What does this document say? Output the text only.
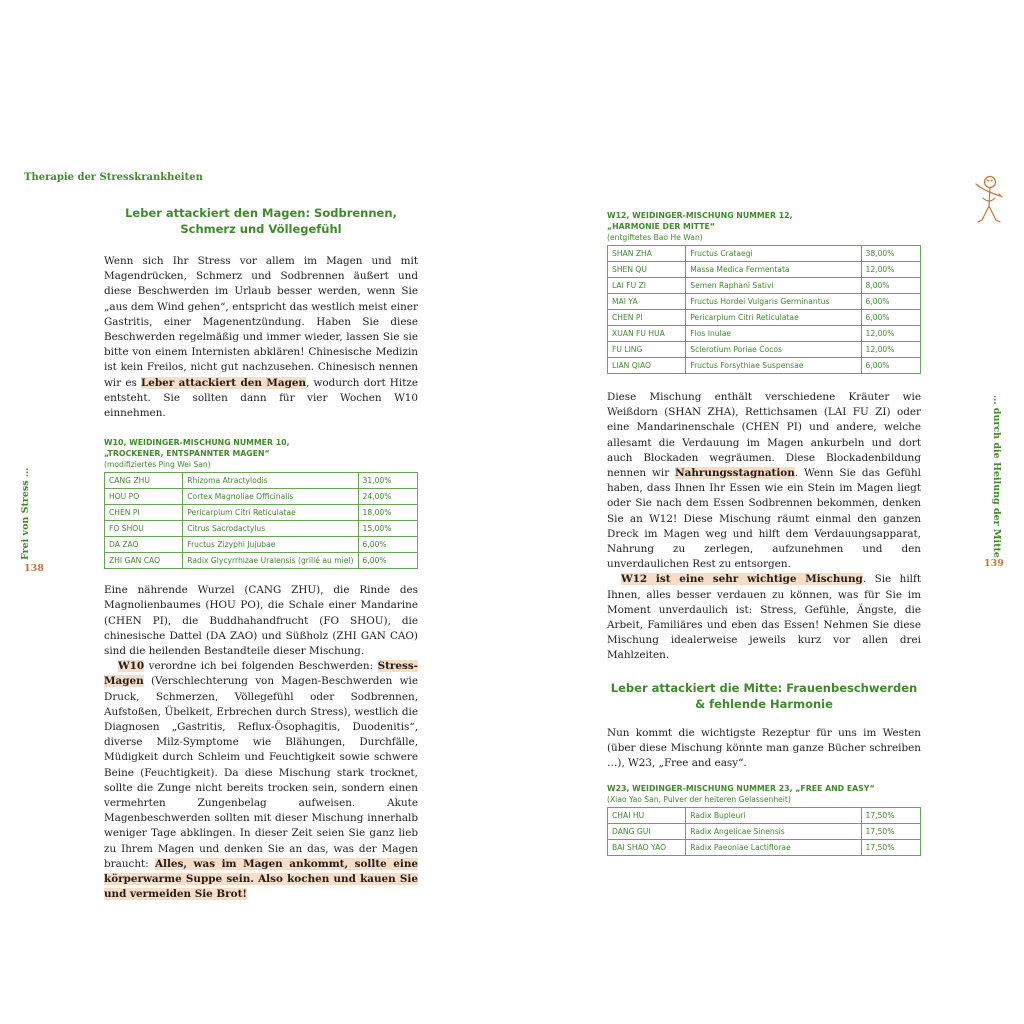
Therapie der Stresskrankheiten
Frei von Stress …
138
… durch die Heilung der Mitte
139
Leber attackiert den Magen: Sodbrennen,
Schmerz und Völlegefühl

Wenn sich Ihr Stress vor allem im Magen und mit Magendrücken, Schmerz und Sodbrennen äußert und diese Beschwerden im Urlaub besser werden, wenn Sie „aus dem Wind gehen“, entspricht das westlich meist einer Gastritis, einer Magenentzündung. Haben Sie diese Beschwerden regelmäßig und immer wieder, lassen Sie sie bitte von einem Internisten abklären! Chinesische Medizin ist kein Freilos, nicht gut nachzusehen. Chinesisch nennen wir es Leber attackiert den Magen, wodurch dort Hitze entsteht. Sie sollten dann für vier Wochen W10 einnehmen.

W10, WEIDINGER-MISCHUNG NUMMER 10,

„TROCKENER, ENTSPANNTER MAGEN“

(modifiziertes Ping Wei San)

CANG ZHU	Rhizoma Atractylodis	31,00%
HOU PO	Cortex Magnoliae Officinalis	24,00%
CHEN PI	Pericarpium Citri Reticulatae	18,00%
FO SHOU	Citrus Sacrodactylus	15,00%
DA ZAO	Fructus Zizyphi Jujubae	6,00%
ZHI GAN CAO	Radix Glycyrrhizae Uralensis (grillé au miel)	6,00%

Eine nährende Wurzel (CANG ZHU), die Rinde des Magnolienbaumes (HOU PO), die Schale einer Mandarine (CHEN PI), die Buddhahandfrucht (FO SHOU), die chinesische Dattel (DA ZAO) und Süßholz (ZHI GAN CAO) sind die heilenden Bestandteile dieser Mischung.

W10 verordne ich bei folgenden Beschwerden: Stress-Magen (Verschlechterung von Magen-Beschwerden wie Druck, Schmerzen, Völlegefühl oder Sodbrennen, Aufstoßen, Übelkeit, Erbrechen durch Stress), westlich die Diagnosen „Gastritis, Reflux-Ösophagitis, Duodenitis“, diverse Milz-Symptome wie Blähungen, Durchfälle, Müdigkeit durch Schleim und Feuchtigkeit sowie schwere Beine (Feuchtigkeit). Da diese Mischung stark trocknet, sollte die Zunge nicht bereits trocken sein, sondern einen vermehrten Zungenbelag aufweisen. Akute Magenbeschwerden sollten mit dieser Mischung innerhalb weniger Tage abklingen. In dieser Zeit seien Sie ganz lieb zu Ihrem Magen und denken Sie an das, was der Magen braucht: Alles, was im Magen ankommt, sollte eine körperwarme Suppe sein. Also kochen und kauen Sie und vermeiden Sie Brot!

W12, WEIDINGER-MISCHUNG NUMMER 12,

„HARMONIE DER MITTE“

(entgiftetes Bao He Wan)

SHAN ZHA	Fructus Crataegi	38,00%
SHEN QU	Massa Medica Fermentata	12,00%
LAI FU ZI	Semen Raphani Sativi	8,00%
MAI YA	Fructus Hordei Vulgaris Germinantus	6,00%
CHEN PI	Pericarpium Citri Reticulatae	6,00%
XUAN FU HUA	Flos Inulae	12,00%
FU LING	Sclerotium Poriae Cocos	12,00%
LIAN QIAO	Fructus Forsythiae Suspensae	6,00%

Diese Mischung enthält verschiedene Kräuter wie Weißdorn (SHAN ZHA), Rettichsamen (LAI FU ZI) oder eine Mandarinenschale (CHEN PI) und andere, welche allesamt die Verdauung im Magen ankurbeln und dort auch Blockaden wegräumen. Diese Blockadenbildung nennen wir Nahrungsstagnation. Wenn Sie das Gefühl haben, dass Ihnen Ihr Essen wie ein Stein im Magen liegt oder Sie nach dem Essen Sodbrennen bekommen, denken Sie an W12! Diese Mischung räumt einmal den ganzen Dreck im Magen weg und hilft dem Verdauungsapparat, Nahrung zu zerlegen, aufzunehmen und den unverdaulichen Rest zu entsorgen.

W12 ist eine sehr wichtige Mischung. Sie hilft Ihnen, alles besser verdauen zu können, was für Sie im Moment unverdaulich ist: Stress, Gefühle, Ängste, die Arbeit, Familiäres und eben das Essen! Nehmen Sie diese Mischung idealerweise jeweils kurz vor allen drei Mahlzeiten.

Leber attackiert die Mitte: Frauenbeschwerden
& fehlende Harmonie

Nun kommt die wichtigste Rezeptur für uns im Westen (über diese Mischung könnte man ganze Bücher schreiben …), W23, „Free and easy“.

W23, WEIDINGER-MISCHUNG NUMMER 23, „FREE AND EASY“

(Xiao Yao San, Pulver der heiteren Gelassenheit)

CHAI HU	Radix Bupleuri	17,50%
DANG GUI	Radix Angelicae Sinensis	17,50%
BAI SHAO YAO	Radix Paeoniae Lactiflorae	17,50%
